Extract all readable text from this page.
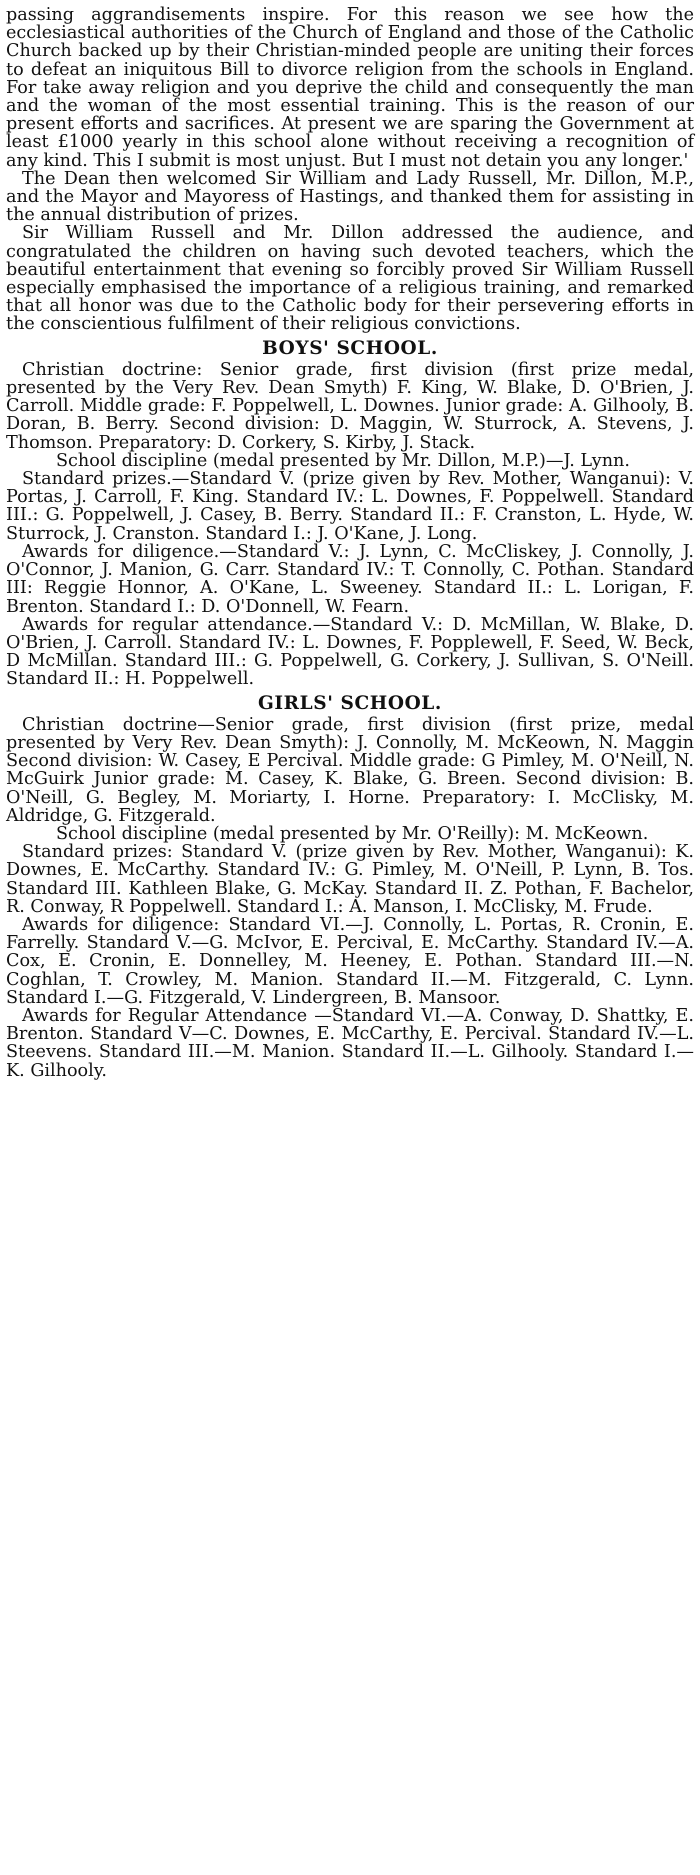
passing aggrandisements inspire. For this reason we see how the ecclesiastical authorities of the Church of England and those of the Catholic Church backed up by their Christian-minded people are uniting their forces to defeat an iniquitous Bill to divorce religion from the schools in England. For take away religion and you deprive the child and consequently the man and the woman of the most essential training. This is the reason of our present efforts and sacrifices. At present we are sparing the Government at least £1000 yearly in this school alone without receiving a recognition of any kind. This I submit is most unjust. But I must not detain you any longer.'

The Dean then welcomed Sir William and Lady Russell, Mr. Dillon, M.P., and the Mayor and Mayoress of Hastings, and thanked them for assisting in the annual distribution of prizes.

Sir William Russell and Mr. Dillon addressed the audience, and congratulated the children on having such devoted teachers, which the beautiful entertainment that evening so forcibly proved Sir William Russell especially emphasised the importance of a religious training, and remarked that all honor was due to the Catholic body for their persevering efforts in the conscientious fulfilment of their religious convictions.

BOYS' SCHOOL.

Christian doctrine: Senior grade, first division (first prize medal, presented by the Very Rev. Dean Smyth) F. King, W. Blake, D. O'Brien, J. Carroll. Middle grade: F. Poppelwell, L. Downes. Junior grade: A. Gilhooly, B. Doran, B. Berry. Second division: D. Maggin, W. Sturrock, A. Stevens, J. Thomson. Preparatory: D. Corkery, S. Kirby, J. Stack.

School discipline (medal presented by Mr. Dillon, M.P.)—J. Lynn.

Standard prizes.—Standard V. (prize given by Rev. Mother, Wanganui): V. Portas, J. Carroll, F. King. Standard IV.: L. Downes, F. Poppelwell. Standard III.: G. Poppelwell, J. Casey, B. Berry. Standard II.: F. Cranston, L. Hyde, W. Sturrock, J. Cranston. Standard I.: J. O'Kane, J. Long.

Awards for diligence.—Standard V.: J. Lynn, C. McCliskey, J. Connolly, J. O'Connor, J. Manion, G. Carr. Standard IV.: T. Connolly, C. Pothan. Standard III: Reggie Honnor, A. O'Kane, L. Sweeney. Standard II.: L. Lorigan, F. Brenton. Standard I.: D. O'Donnell, W. Fearn.

Awards for regular attendance.—Standard V.: D. McMillan, W. Blake, D. O'Brien, J. Carroll. Standard IV.: L. Downes, F. Popplewell, F. Seed, W. Beck, D McMillan. Standard III.: G. Poppelwell, G. Corkery, J. Sullivan, S. O'Neill. Standard II.: H. Poppelwell.

GIRLS' SCHOOL.

Christian doctrine—Senior grade, first division (first prize, medal presented by Very Rev. Dean Smyth): J. Connolly, M. McKeown, N. Maggin Second division: W. Casey, E Percival. Middle grade: G Pimley, M. O'Neill, N. McGuirk Junior grade: M. Casey, K. Blake, G. Breen. Second division: B. O'Neill, G. Begley, M. Moriarty, I. Horne. Preparatory: I. McClisky, M. Aldridge, G. Fitzgerald.

School discipline (medal presented by Mr. O'Reilly): M. McKeown.

Standard prizes: Standard V. (prize given by Rev. Mother, Wanganui): K. Downes, E. McCarthy. Standard IV.: G. Pimley, M. O'Neill, P. Lynn, B. Tos. Standard III. Kathleen Blake, G. McKay. Standard II. Z. Pothan, F. Bachelor, R. Conway, R Poppelwell. Standard I.: A. Manson, I. McClisky, M. Frude.

Awards for diligence: Standard VI.—J. Connolly, L. Portas, R. Cronin, E. Farrelly. Standard V.—G. McIvor, E. Percival, E. McCarthy. Standard IV.—A. Cox, E. Cronin, E. Donnelley, M. Heeney, E. Pothan. Standard III.—N. Coghlan, T. Crowley, M. Manion. Standard II.—M. Fitzgerald, C. Lynn. Standard I.—G. Fitzgerald, V. Lindergreen, B. Mansoor.

Awards for Regular Attendance —Standard VI.—A. Conway, D. Shattky, E. Brenton. Standard V—C. Downes, E. McCarthy, E. Percival. Standard IV.—L. Steevens. Standard III.—M. Manion. Standard II.—L. Gilhooly. Standard I.—K. Gilhooly.
